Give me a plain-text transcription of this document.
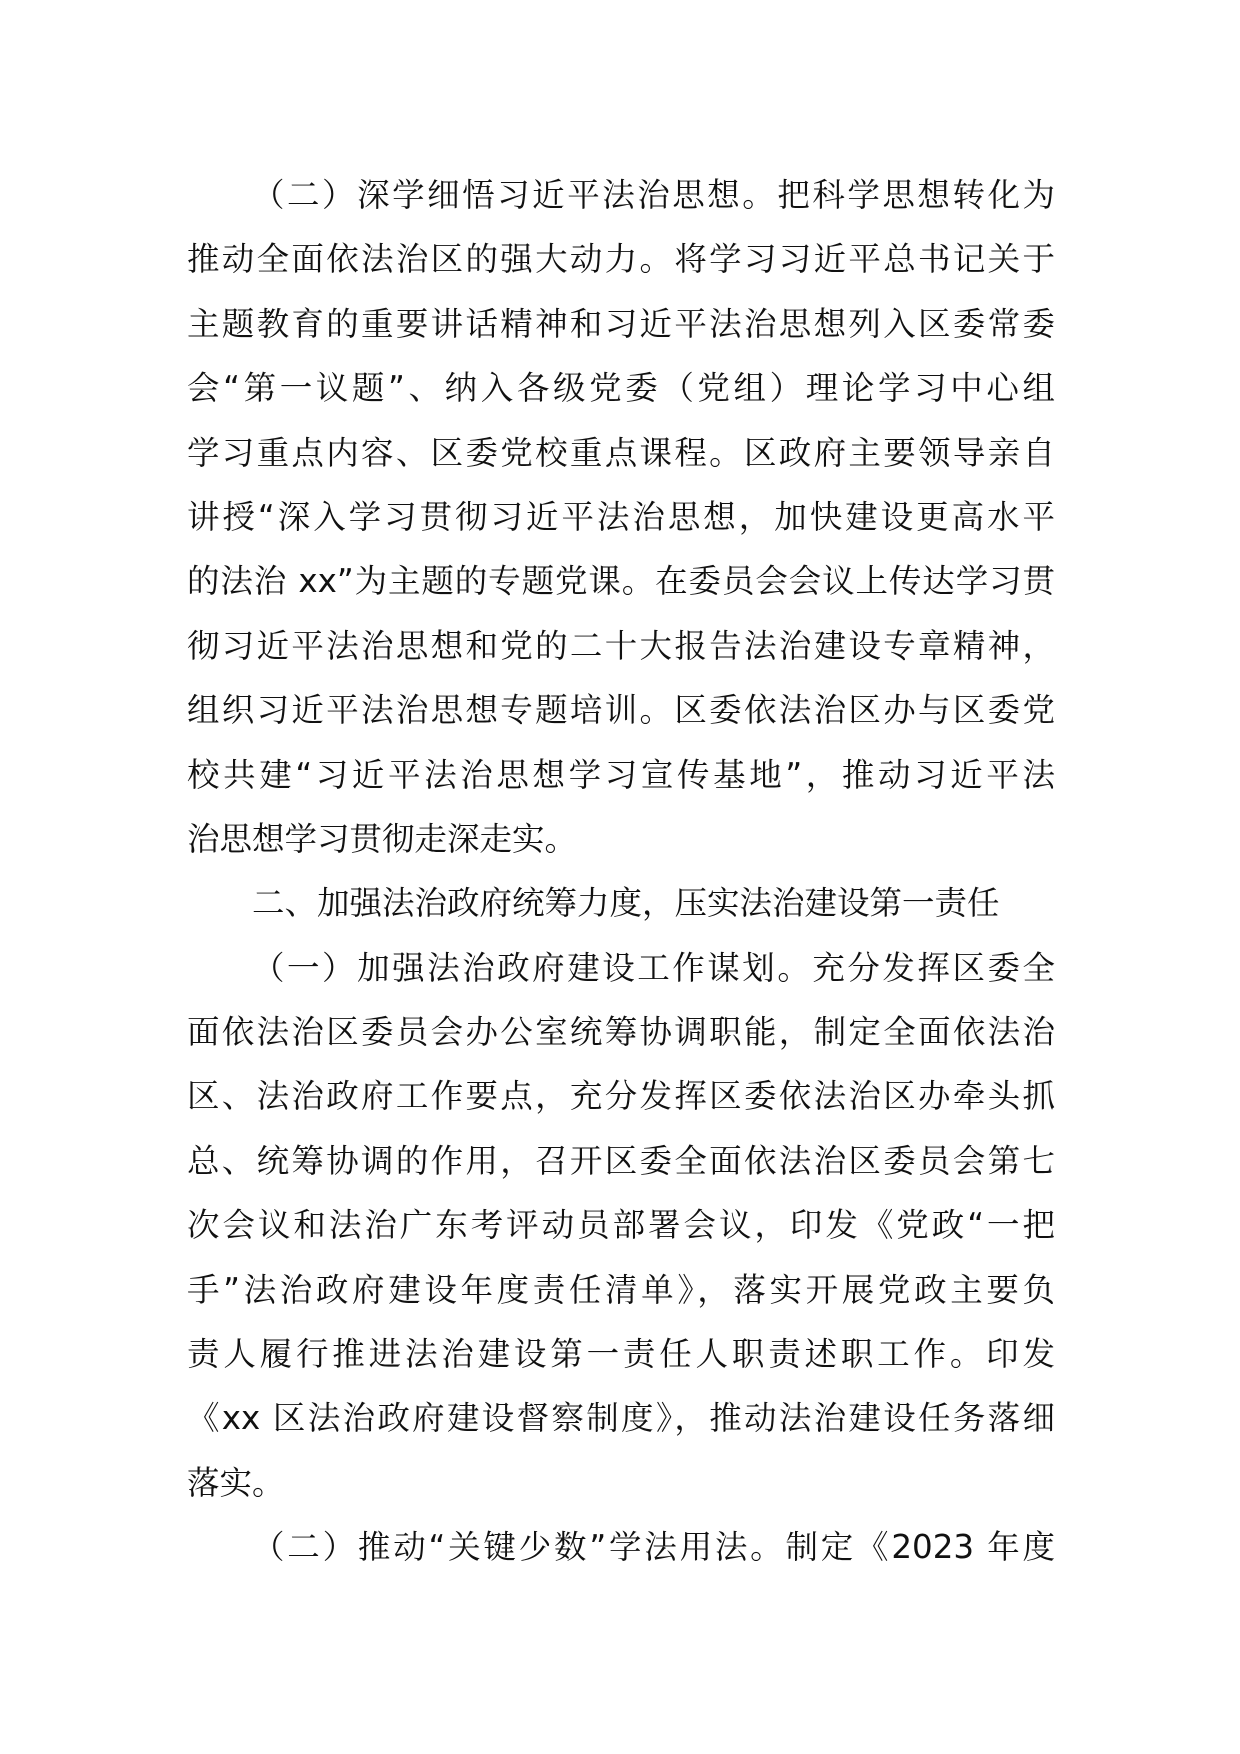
（二）深学细悟习近平法治思想。把科学思想转化为
推动全面依法治区的强大动力。将学习习近平总书记关于
主题教育的重要讲话精神和习近平法治思想列入区委常委
会“第一议题”、纳入各级党委（党组）理论学习中心组
学习重点内容、区委党校重点课程。区政府主要领导亲自
讲授“深入学习贯彻习近平法治思想，加快建设更高水平
的法治 xx”为主题的专题党课。在委员会会议上传达学习贯
彻习近平法治思想和党的二十大报告法治建设专章精神，
组织习近平法治思想专题培训。区委依法治区办与区委党
校共建“习近平法治思想学习宣传基地”，推动习近平法
治思想学习贯彻走深走实。
二、加强法治政府统筹力度，压实法治建设第一责任
（一）加强法治政府建设工作谋划。充分发挥区委全
面依法治区委员会办公室统筹协调职能，制定全面依法治
区、法治政府工作要点，充分发挥区委依法治区办牵头抓
总、统筹协调的作用，召开区委全面依法治区委员会第七
次会议和法治广东考评动员部署会议，印发《党政“一把
手”法治政府建设年度责任清单》，落实开展党政主要负
责人履行推进法治建设第一责任人职责述职工作。印发
《xx 区法治政府建设督察制度》，推动法治建设任务落细
落实。
（二）推动“关键少数”学法用法。制定《2023 年度
